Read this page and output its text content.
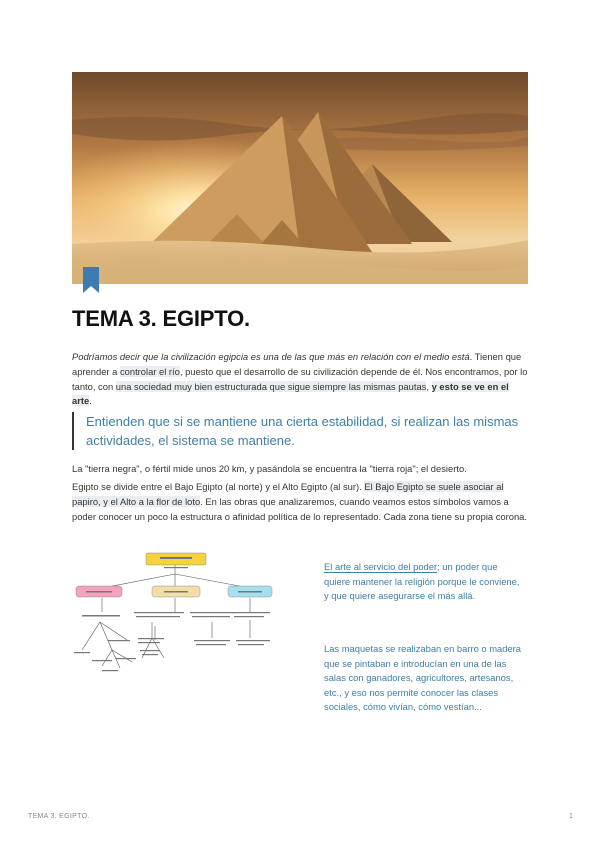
TEMA 3. EGIPTO.
Podríamos decir que la civilización egipcia es una de las que más en relación con el medio está. Tienen que aprender a controlar el río, puesto que el desarrollo de su civilización depende de él. Nos encontramos, por lo tanto, con una sociedad muy bien estructurada que sigue siempre las mismas pautas, y esto se ve en el arte.
Entienden que si se mantiene una cierta estabilidad, si realizan las mismas actividades, el sistema se mantiene.
La "tierra negra", o fértil mide unos 20 km, y pasándola se encuentra la "tierra roja"; el desierto.
Egipto se divide entre el Bajo Egipto (al norte) y el Alto Egipto (al sur). El Bajo Egipto se suele asociar al papiro, y el Alto a la flor de loto. En las obras que analizaremos, cuando veamos estos símbolos vamos a poder conocer un poco la estructura o afinidad política de lo representado. Cada zona tiene su propia corona.
El arte al servicio del poder; un poder que quiere mantener la religión porque le conviene, y que quiere asegurarse el más allá.
Las maquetas se realizaban en barro o madera que se pintaban e introducían en una de las salas con ganadores, agricultores, artesanos, etc., y eso nos permite conocer las clases sociales, cómo vivían, cómo vestían...
TEMA 3. EGIPTO.	1
